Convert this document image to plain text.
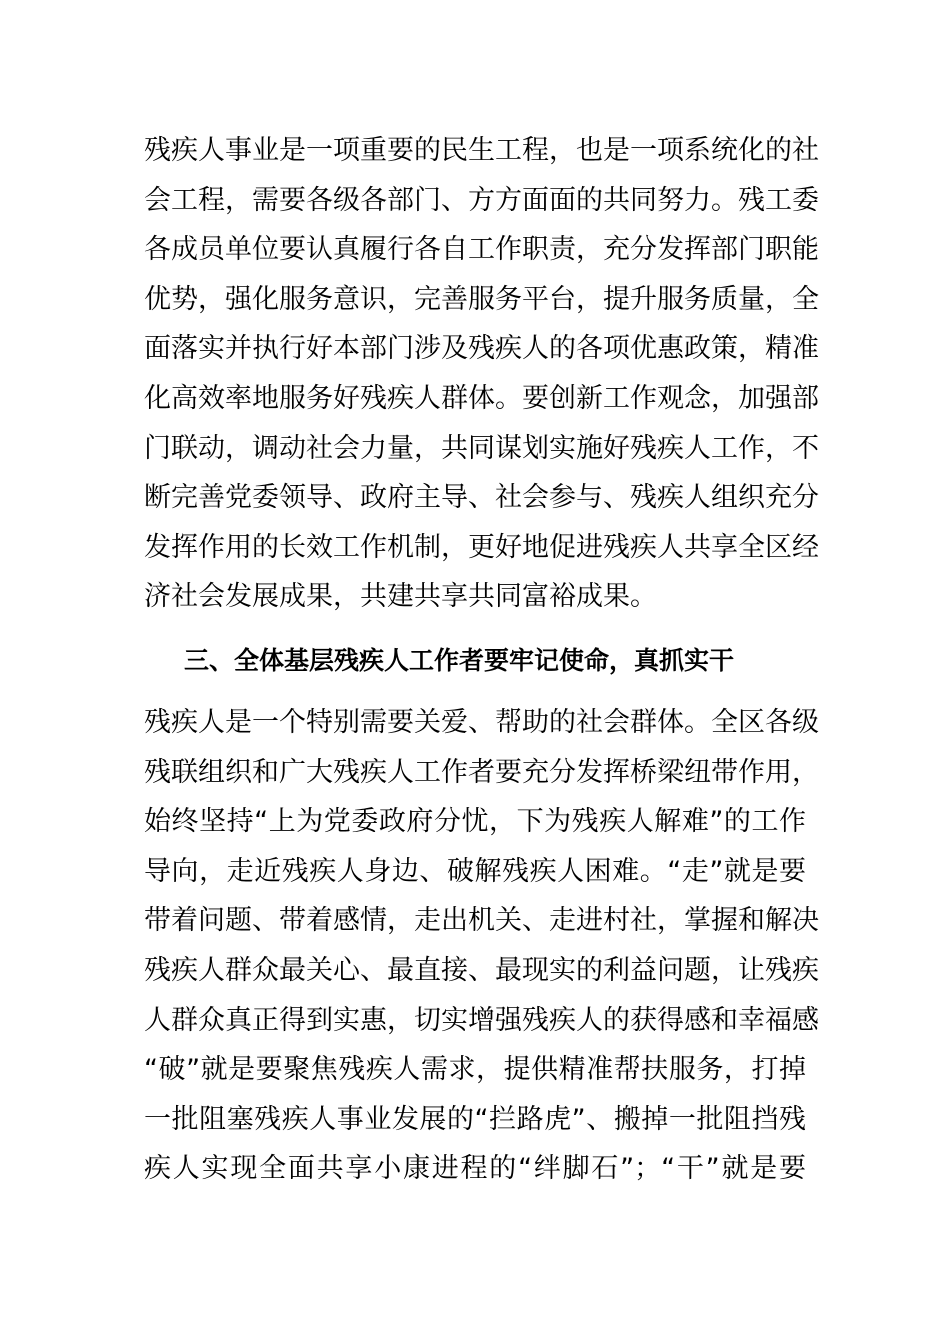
残疾人事业是一项重要的民生工程，也是一项系统化的社
会工程，需要各级各部门、方方面面的共同努力。残工委
各成员单位要认真履行各自工作职责，充分发挥部门职能
优势，强化服务意识，完善服务平台，提升服务质量，全
面落实并执行好本部门涉及残疾人的各项优惠政策，精准
化高效率地服务好残疾人群体。要创新工作观念，加强部
门联动，调动社会力量，共同谋划实施好残疾人工作，不
断完善党委领导、政府主导、社会参与、残疾人组织充分
发挥作用的长效工作机制，更好地促进残疾人共享全区经
济社会发展成果，共建共享共同富裕成果。
三、全体基层残疾人工作者要牢记使命，真抓实干
残疾人是一个特别需要关爱、帮助的社会群体。全区各级
残联组织和广大残疾人工作者要充分发挥桥梁纽带作用，
始终坚持“上为党委政府分忧，下为残疾人解难”的工作
导向，走近残疾人身边、破解残疾人困难。“走”就是要
带着问题、带着感情，走出机关、走进村社，掌握和解决
残疾人群众最关心、最直接、最现实的利益问题，让残疾
人群众真正得到实惠，切实增强残疾人的获得感和幸福感
“破”就是要聚焦残疾人需求，提供精准帮扶服务，打掉
一批阻塞残疾人事业发展的“拦路虎”、搬掉一批阻挡残
疾人实现全面共享小康进程的“绊脚石”；“干”就是要
